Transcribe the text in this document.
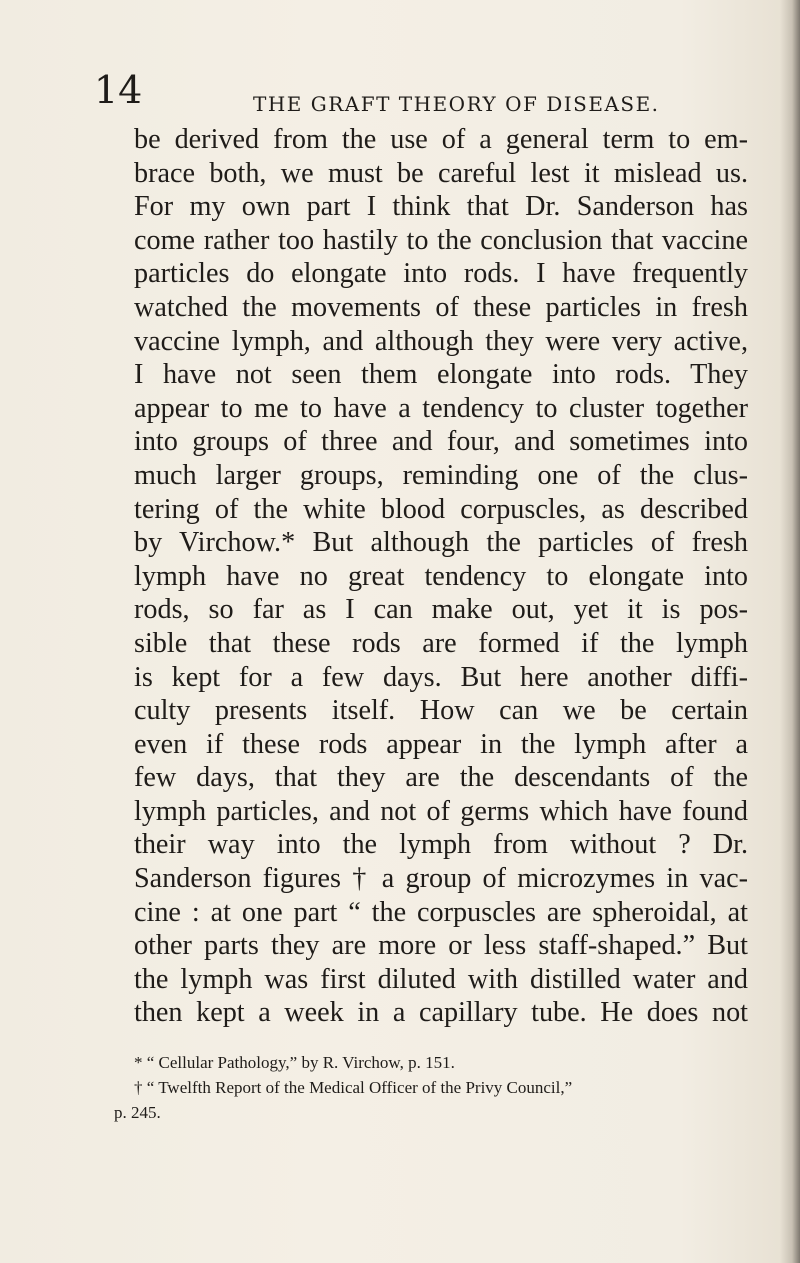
14	THE GRAFT THEORY OF DISEASE.
be derived from the use of a general term to em-
brace both, we must be careful lest it mislead us.
For my own part I think that Dr. Sanderson has
come rather too hastily to the conclusion that vaccine
particles do elongate into rods. I have frequently
watched the movements of these particles in fresh
vaccine lymph, and although they were very active,
I have not seen them elongate into rods. They
appear to me to have a tendency to cluster together
into groups of three and four, and sometimes into
much larger groups, reminding one of the clus-
tering of the white blood corpuscles, as described
by Virchow.* But although the particles of fresh
lymph have no great tendency to elongate into
rods, so far as I can make out, yet it is pos-
sible that these rods are formed if the lymph
is kept for a few days. But here another diffi-
culty presents itself. How can we be certain
even if these rods appear in the lymph after a
few days, that they are the descendants of the
lymph particles, and not of germs which have found
their way into the lymph from without ? Dr.
Sanderson figures † a group of microzymes in vac-
cine : at one part “ the corpuscles are spheroidal, at
other parts they are more or less staff-shaped.” But
the lymph was first diluted with distilled water and
then kept a week in a capillary tube. He does not
* “ Cellular Pathology,” by R. Virchow, p. 151.
† “ Twelfth Report of the Medical Officer of the Privy Council,”
p. 245.
